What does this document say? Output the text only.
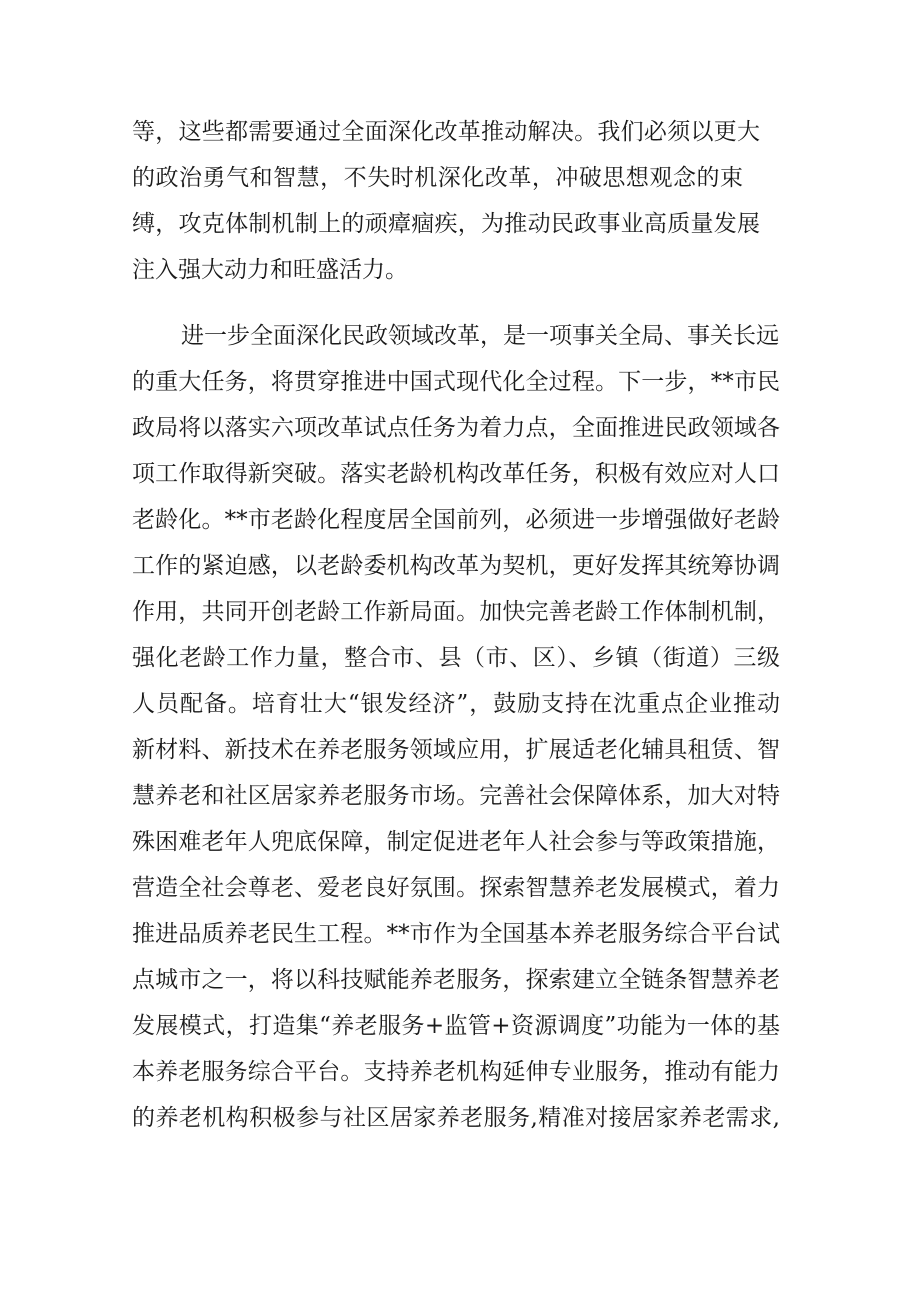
等，这些都需要通过全面深化改革推动解决。我们必须以更大
的政治勇气和智慧，不失时机深化改革，冲破思想观念的束
缚，攻克体制机制上的顽瘴痼疾，为推动民政事业高质量发展
注入强大动力和旺盛活力。
进一步全面深化民政领域改革，是一项事关全局、事关长远
的重大任务，将贯穿推进中国式现代化全过程。下一步，**市民
政局将以落实六项改革试点任务为着力点，全面推进民政领域各
项工作取得新突破。落实老龄机构改革任务，积极有效应对人口
老龄化。**市老龄化程度居全国前列，必须进一步增强做好老龄
工作的紧迫感，以老龄委机构改革为契机，更好发挥其统筹协调
作用，共同开创老龄工作新局面。加快完善老龄工作体制机制，
强化老龄工作力量，整合市、县（市、区）、乡镇（街道）三级
人员配备。培育壮大“银发经济”，鼓励支持在沈重点企业推动
新材料、新技术在养老服务领域应用，扩展适老化辅具租赁、智
慧养老和社区居家养老服务市场。完善社会保障体系，加大对特
殊困难老年人兜底保障，制定促进老年人社会参与等政策措施，
营造全社会尊老、爱老良好氛围。探索智慧养老发展模式，着力
推进品质养老民生工程。**市作为全国基本养老服务综合平台试
点城市之一，将以科技赋能养老服务，探索建立全链条智慧养老
发展模式，打造集“养老服务+监管+资源调度”功能为一体的基
本养老服务综合平台。支持养老机构延伸专业服务，推动有能力
的养老机构积极参与社区居家养老服务,精准对接居家养老需求,
